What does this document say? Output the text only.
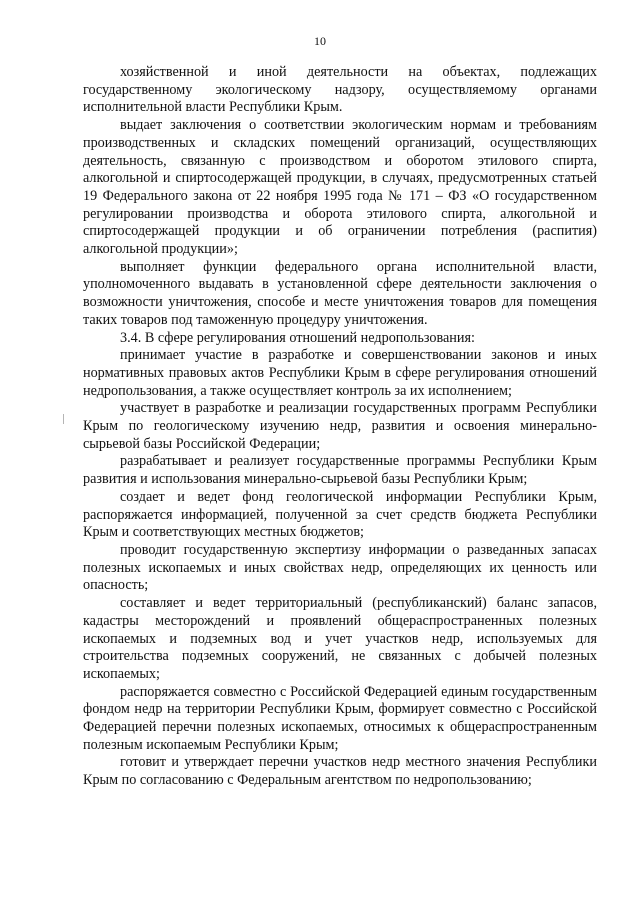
10

хозяйственной и иной деятельности на объектах, подлежащих государственному экологическому надзору, осуществляемому органами исполнительной власти Республики Крым.

выдает заключения о соответствии экологическим нормам и требованиям производственных и складских помещений организаций, осуществляющих деятельность, связанную с производством и оборотом этилового спирта, алкогольной и спиртосодержащей продукции, в случаях, предусмотренных статьей 19 Федерального закона от 22 ноября 1995 года № 171 – ФЗ «О государственном регулировании производства и оборота этилового спирта, алкогольной и спиртосодержащей продукции и об ограничении потребления (распития) алкогольной продукции»;

выполняет функции федерального органа исполнительной власти, уполномоченного выдавать в установленной сфере деятельности заключения о возможности уничтожения, способе и месте уничтожения товаров для помещения таких товаров под таможенную процедуру уничтожения.

3.4. В сфере регулирования отношений недропользования:

принимает участие в разработке и совершенствовании законов и иных нормативных правовых актов Республики Крым в сфере регулирования отношений недропользования, а также осуществляет контроль за их исполнением;

участвует в разработке и реализации государственных программ Республики Крым по геологическому изучению недр, развития и освоения минерально-сырьевой базы Российской Федерации;

разрабатывает и реализует государственные программы Республики Крым развития и использования минерально-сырьевой базы Республики Крым;

создает и ведет фонд геологической информации Республики Крым, распоряжается информацией, полученной за счет средств бюджета Республики Крым и соответствующих местных бюджетов;

проводит государственную экспертизу информации о разведанных запасах полезных ископаемых и иных свойствах недр, определяющих их ценность или опасность;

составляет и ведет территориальный (республиканский) баланс запасов, кадастры месторождений и проявлений общераспространенных полезных ископаемых и подземных вод и учет участков недр, используемых для строительства подземных сооружений, не связанных с добычей полезных ископаемых;

распоряжается совместно с Российской Федерацией единым государственным фондом недр на территории Республики Крым, формирует совместно с Российской Федерацией перечни полезных ископаемых, относимых к общераспространенным полезным ископаемым Республики Крым;

готовит и утверждает перечни участков недр местного значения Республики Крым по согласованию с Федеральным агентством по недропользованию;
